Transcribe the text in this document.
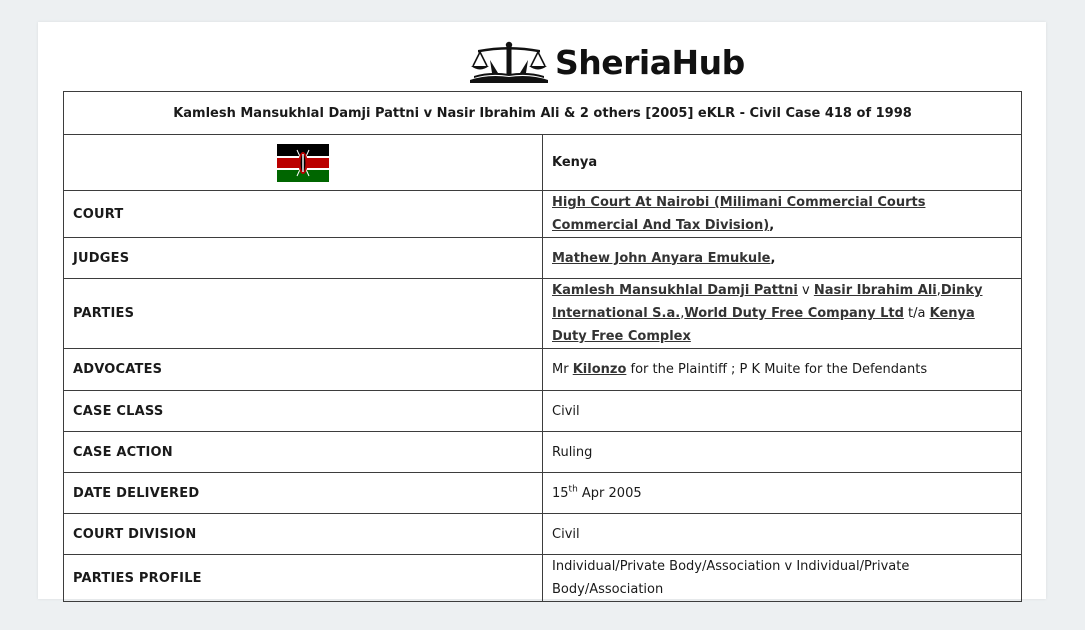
SheriaHub
Kamlesh Mansukhlal Damji Pattni v Nasir Ibrahim Ali & 2 others [2005] eKLR - Civil Case 418 of 1998	
	Kenya
COURT	High Court At Nairobi (Milimani Commercial Courts Commercial And Tax Division),
JUDGES	Mathew John Anyara Emukule,
PARTIES	Kamlesh Mansukhlal Damji Pattni v Nasir Ibrahim Ali,Dinky International S.a.,World Duty Free Company Ltd t/a Kenya Duty Free Complex
ADVOCATES	Mr Kilonzo for the Plaintiff ; P K Muite for the Defendants
CASE CLASS	Civil
CASE ACTION	Ruling
DATE DELIVERED	15th Apr 2005
COURT DIVISION	Civil
PARTIES PROFILE	Individual/Private Body/Association v Individual/Private Body/Association
